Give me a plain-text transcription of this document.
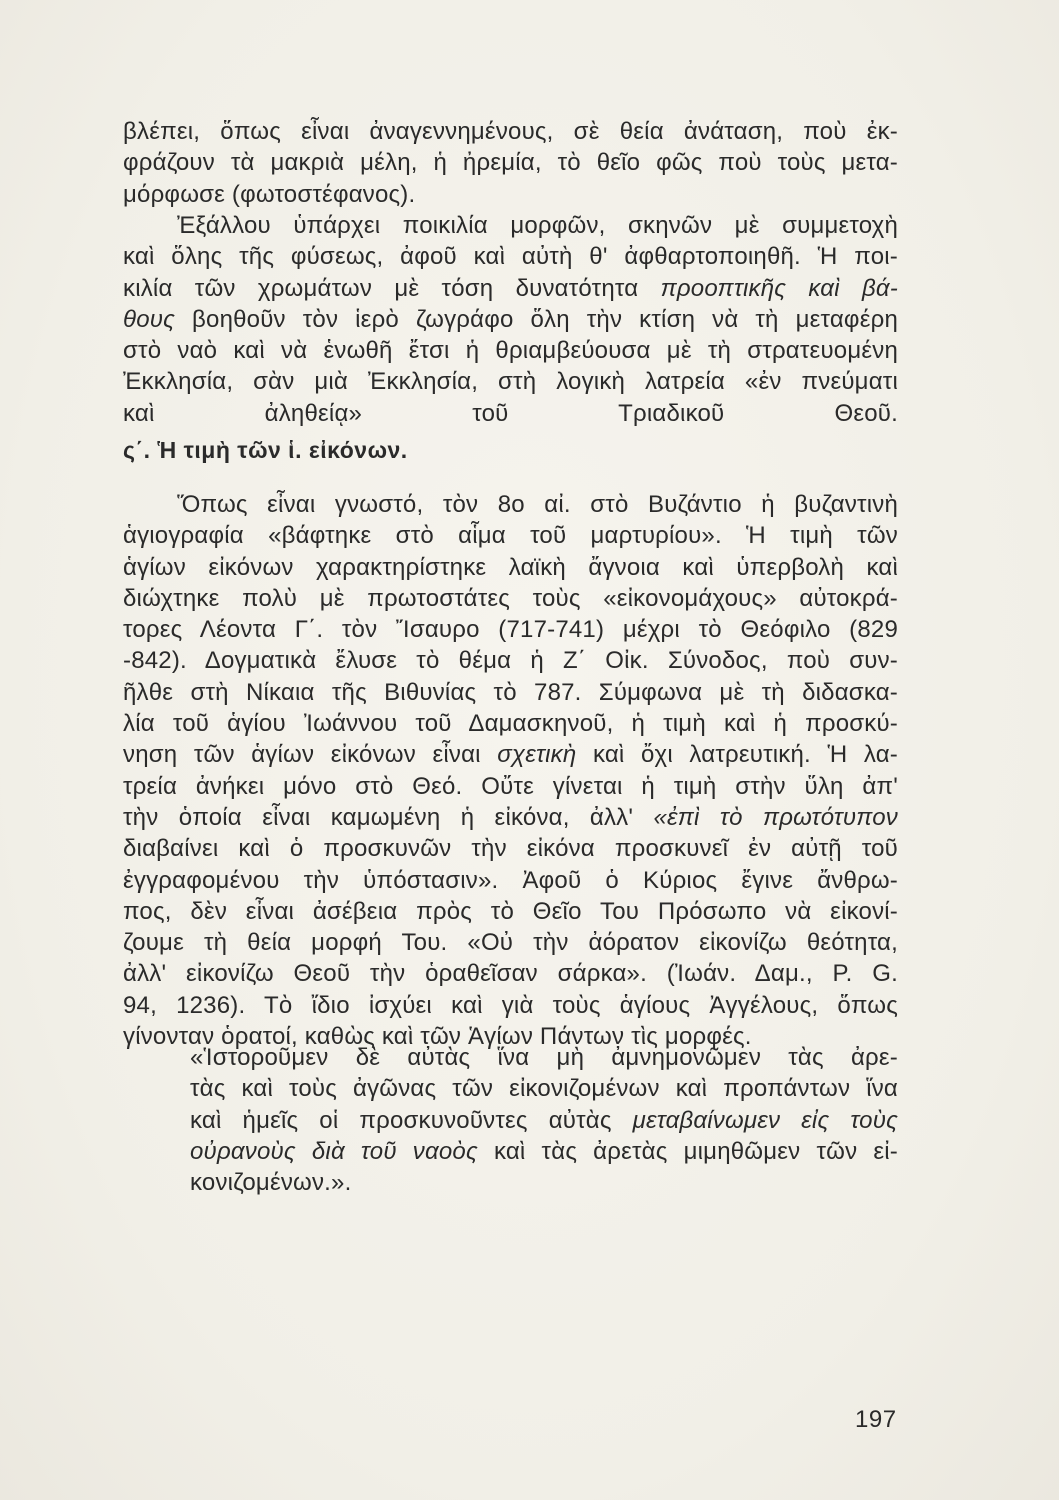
βλέπει, ὅπως εἶναι ἀναγεννημένους, σὲ θεία ἀνάταση, ποὺ ἐκ-
φράζουν τὰ μακριὰ μέλη, ἡ ἠρεμία, τὸ θεῖο φῶς ποὺ τοὺς μετα-
μόρφωσε (φωτοστέφανος).
Ἐξάλλου ὑπάρχει ποικιλία μορφῶν, σκηνῶν μὲ συμμετοχὴ
καὶ ὅλης τῆς φύσεως, ἀφοῦ καὶ αὐτὴ θ' ἀφθαρτοποιηθῆ. Ἡ ποι-
κιλία τῶν χρωμάτων μὲ τόση δυνατότητα προοπτικῆς καὶ βά-
θους βοηθοῦν τὸν ἱερὸ ζωγράφο ὅλη τὴν κτίση νὰ τὴ μεταφέρη
στὸ ναὸ καὶ νὰ ἑνωθῆ ἔτσι ἡ θριαμβεύουσα μὲ τὴ στρατευομένη
Ἐκκλησία, σὰν μιὰ Ἐκκλησία, στὴ λογικὴ λατρεία «ἐν πνεύματι
καὶ ἀληθείᾳ» τοῦ Τριαδικοῦ Θεοῦ.
ς΄. Ἡ τιμὴ τῶν ἱ. εἰκόνων.
Ὅπως εἶναι γνωστό, τὸν 8ο αἰ. στὸ Βυζάντιο ἡ βυζαντινὴ
ἁγιογραφία «βάφτηκε στὸ αἷμα τοῦ μαρτυρίου». Ἡ τιμὴ τῶν
ἁγίων εἰκόνων χαρακτηρίστηκε λαϊκὴ ἄγνοια καὶ ὑπερβολὴ καὶ
διώχτηκε πολὺ μὲ πρωτοστάτες τοὺς «εἰκονομάχους» αὐτοκρά-
τορες Λέοντα Γ΄. τὸν Ἴσαυρο (717-741) μέχρι τὸ Θεόφιλο (829
-842). Δογματικὰ ἔλυσε τὸ θέμα ἡ Ζ΄ Οἰκ. Σύνοδος, ποὺ συν-
ῆλθε στὴ Νίκαια τῆς Βιθυνίας τὸ 787. Σύμφωνα μὲ τὴ διδασκα-
λία τοῦ ἁγίου Ἰωάννου τοῦ Δαμασκηνοῦ, ἡ τιμὴ καὶ ἡ προσκύ-
νηση τῶν ἁγίων εἰκόνων εἶναι σχετικὴ καὶ ὄχι λατρευτική. Ἡ λα-
τρεία ἀνήκει μόνο στὸ Θεό. Οὔτε γίνεται ἡ τιμὴ στὴν ὕλη ἀπ'
τὴν ὁποία εἶναι καμωμένη ἡ εἰκόνα, ἀλλ' «ἐπὶ τὸ πρωτότυπον
διαβαίνει καὶ ὁ προσκυνῶν τὴν εἰκόνα προσκυνεῖ ἐν αὐτῇ τοῦ
ἐγγραφομένου τὴν ὑπόστασιν». Ἀφοῦ ὁ Κύριος ἔγινε ἄνθρω-
πος, δὲν εἶναι ἀσέβεια πρὸς τὸ Θεῖο Του Πρόσωπο νὰ εἰκονί-
ζουμε τὴ θεία μορφή Του. «Οὐ τὴν ἀόρατον εἰκονίζω θεότητα,
ἀλλ' εἰκονίζω Θεοῦ τὴν ὁραθεῖσαν σάρκα». (Ἰωάν. Δαμ., P. G.
94, 1236). Τὸ ἴδιο ἰσχύει καὶ γιὰ τοὺς ἁγίους Ἀγγέλους, ὅπως
γίνονταν ὁρατοί, καθὼς καὶ τῶν Ἁγίων Πάντων τὶς μορφές.
«Ἱστοροῦμεν δὲ αὐτὰς ἵνα μὴ ἀμνημονῶμεν τὰς ἀρε-
τὰς καὶ τοὺς ἀγῶνας τῶν εἰκονιζομένων καὶ προπάντων ἵνα
καὶ ἡμεῖς οἱ προσκυνοῦντες αὐτὰς μεταβαίνωμεν εἰς τοὺς
οὐρανοὺς διὰ τοῦ ναοὸς καὶ τὰς ἀρετὰς μιμηθῶμεν τῶν εἰ-
κονιζομένων.».
197
